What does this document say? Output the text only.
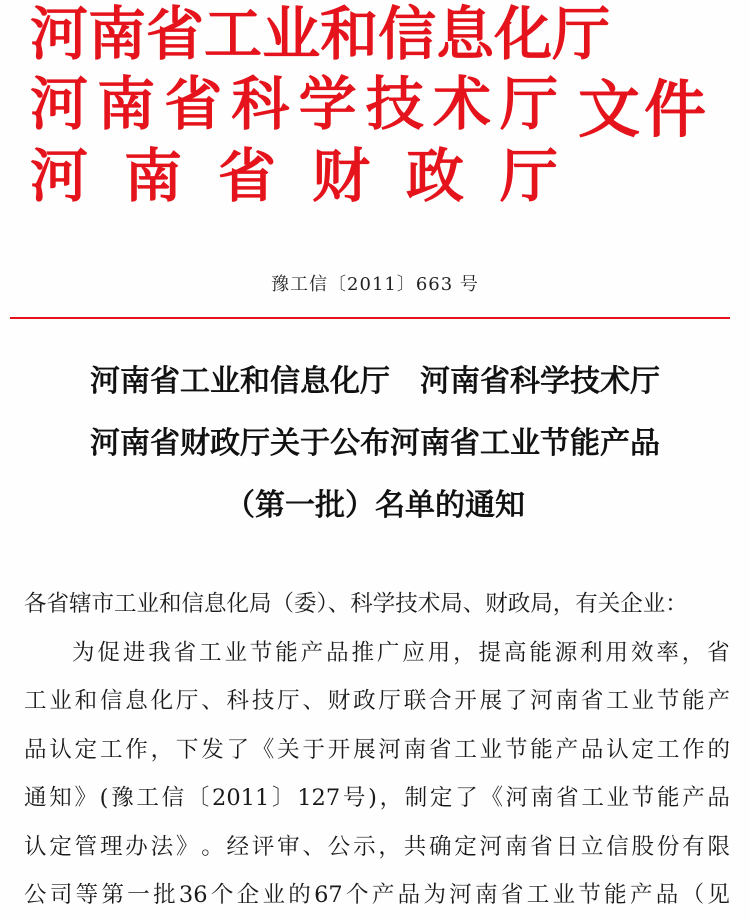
河 南 省 工 业 和 信 息 化 厅
河 南 省 科 学 技 术 厅
河 南 省 财 政 厅
文件
豫工信〔2011〕663 号
河南省工业和信息化厅　河南省科学技术厅
河南省财政厅关于公布河南省工业节能产品
（第一批）名单的通知
各省辖市工业和信息化局（委）、科学技术局、财政局，有关企业：
为 促 进 我 省 工 业 节 能 产 品 推 广 应 用 ， 提 高 能 源 利 用 效 率 ， 省
工 业 和 信 息 化 厅 、 科 技 厅 、 财 政 厅 联 合 开 展 了 河 南 省 工 业 节 能 产
品 认 定 工 作 ， 下 发 了 《 关 于 开 展 河 南 省 工 业 节 能 产 品 认 定 工 作 的
通 知 》 ( 豫 工 信 〔 2011 〕 127 号 ) ， 制 定 了 《 河 南 省 工 业 节 能 产 品
认 定 管 理 办 法 》 。 经 评 审 、 公 示 ， 共 确 定 河 南 省 日 立 信 股 份 有 限
公 司 等 第 一 批 36 个 企 业 的 67 个 产 品 为 河 南 省 工 业 节 能 产 品 （ 见
